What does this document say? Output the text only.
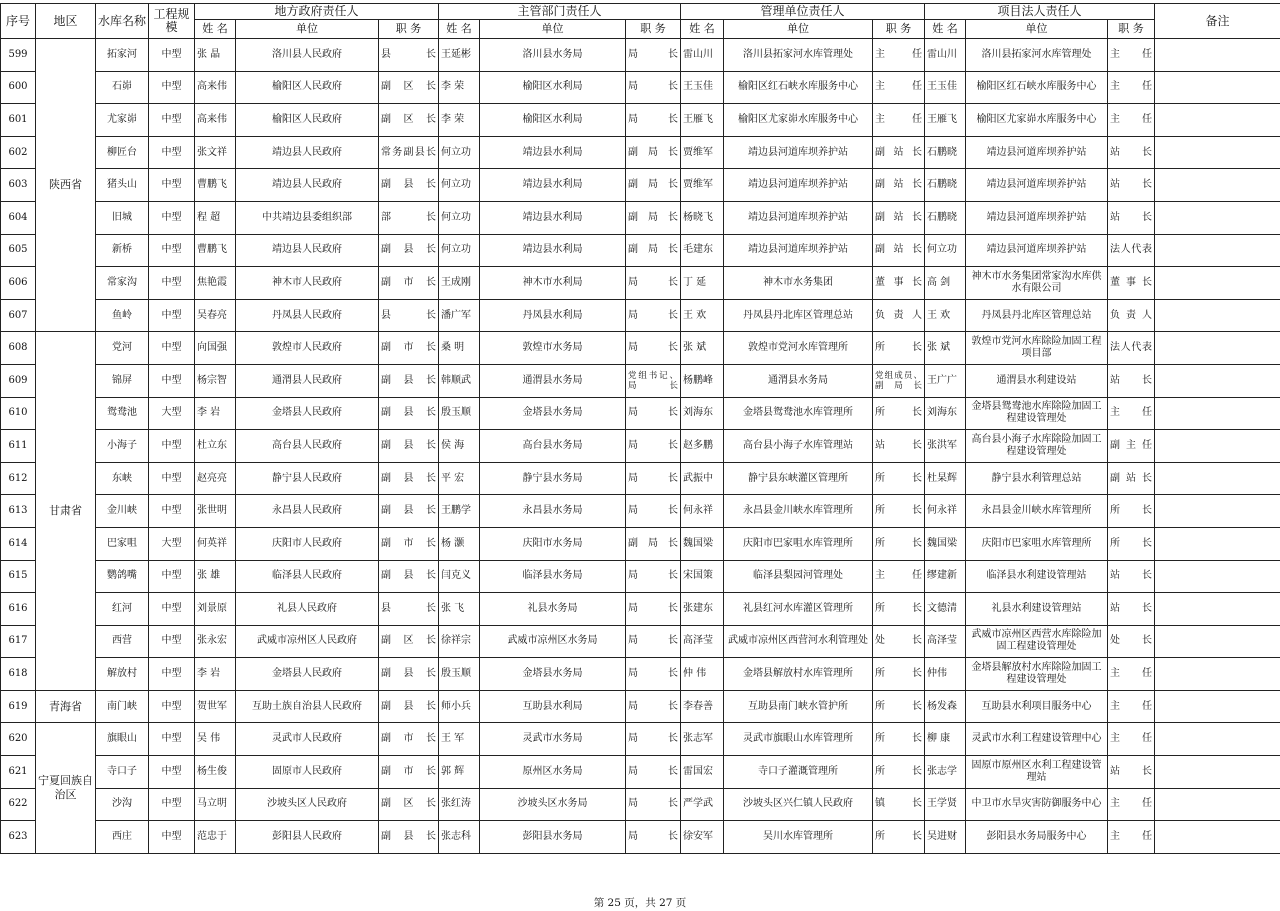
序号	地区	水库名称	工程规模	地方政府责任人			主管部门责任人			管理单位责任人			项目法人责任人			备注
				姓 名	单位	职 务	姓 名	单位	职 务	姓 名	单位	职 务	姓 名	单位	职 务	
599	陕西省	拓家河	中型	张 晶	洛川县人民政府	县 长	王延彬	洛川县水务局	局 长	雷山川	洛川县拓家河水库管理处	主 任	雷山川	洛川县拓家河水库管理处	主 任	

600		石峁	中型	高来伟	榆阳区人民政府	副区长	李 荣	榆阳区水利局	局 长	王玉佳	榆阳区红石峡水库服务中心	主 任	王玉佳	榆阳区红石峡水库服务中心	主 任	

601		尤家峁	中型	高来伟	榆阳区人民政府	副区长	李 荣	榆阳区水利局	局 长	王雁飞	榆阳区尤家峁水库服务中心	主 任	王雁飞	榆阳区尤家峁水库服务中心	主 任	

602		柳匠台	中型	张文祥	靖边县人民政府	常务副县长	何立功	靖边县水利局	副局长	贾维军	靖边县河道库坝养护站	副站长	石鹏晓	靖边县河道库坝养护站	站 长	

603		猪头山	中型	曹鹏飞	靖边县人民政府	副县长	何立功	靖边县水利局	副局长	贾维军	靖边县河道库坝养护站	副站长	石鹏晓	靖边县河道库坝养护站	站 长	

604		旧城	中型	程 超	中共靖边县委组织部	部 长	何立功	靖边县水利局	副局长	杨晓飞	靖边县河道库坝养护站	副站长	石鹏晓	靖边县河道库坝养护站	站 长	

605		新桥	中型	曹鹏飞	靖边县人民政府	副县长	何立功	靖边县水利局	副局长	毛建东	靖边县河道库坝养护站	副站长	何立功	靖边县河道库坝养护站	法人代表	

606		常家沟	中型	焦艳霞	神木市人民政府	副市长	王成刚	神木市水利局	局 长	丁 延	神木市水务集团	董事长	高 剑	神木市水务集团常家沟水库供水有限公司	董事长	

607		鱼岭	中型	吴春亮	丹凤县人民政府	县 长	潘广军	丹凤县水利局	局 长	王 欢	丹凤县丹北库区管理总站	负责人	王 欢	丹凤县丹北库区管理总站	负责人	

608	甘肃省	党河	中型	向国强	敦煌市人民政府	副市长	桑 明	敦煌市水务局	局 长	张 斌	敦煌市党河水库管理所	所 长	张 斌	敦煌市党河水库除险加固工程项目部	法人代表	

609		锦屏	中型	杨宗智	通渭县人民政府	副县长	韩顺武	通渭县水务局	党组书记、局长	杨鹏峰	通渭县水务局	党组成员、副局长	王广广	通渭县水利建设站	站 长	

610		鸳鸯池	大型	李 岩	金塔县人民政府	副县长	殷玉顺	金塔县水务局	局 长	刘海东	金塔县鸳鸯池水库管理所	所 长	刘海东	金塔县鸳鸯池水库除险加固工程建设管理处	主 任	

611		小海子	中型	杜立东	高台县人民政府	副县长	侯 海	高台县水务局	局 长	赵多鹏	高台县小海子水库管理站	站 长	张洪军	高台县小海子水库除险加固工程建设管理处	副主任	

612		东峡	中型	赵亮亮	静宁县人民政府	副县长	平 宏	静宁县水务局	局 长	武振中	静宁县东峡灌区管理所	所 长	杜杲辉	静宁县水利管理总站	副站长	

613		金川峡	中型	张世明	永昌县人民政府	副县长	王鹏学	永昌县水务局	局 长	何永祥	永昌县金川峡水库管理所	所 长	何永祥	永昌县金川峡水库管理所	所 长	

614		巴家咀	大型	何英祥	庆阳市人民政府	副市长	杨 灏	庆阳市水务局	副局长	魏国梁	庆阳市巴家咀水库管理所	所 长	魏国梁	庆阳市巴家咀水库管理所	所 长	

615		鹦鸽嘴	中型	张 雄	临泽县人民政府	副县长	闫克义	临泽县水务局	局 长	宋国策	临泽县梨园河管理处	主 任	缪建新	临泽县水利建设管理站	站 长	

616		红河	中型	刘景原	礼县人民政府	县 长	张 飞	礼县水务局	局 长	张建东	礼县红河水库灌区管理所	所 长	文德清	礼县水利建设管理站	站 长	

617		西营	中型	张永宏	武威市凉州区人民政府	副区长	徐祥宗	武威市凉州区水务局	局 长	高泽莹	武威市凉州区西营河水利管理处	处 长	高泽莹	武威市凉州区西营水库除险加固工程建设管理处	处 长	

618		解放村	中型	李 岩	金塔县人民政府	副县长	殷玉顺	金塔县水务局	局 长	仲 伟	金塔县解放村水库管理所	所 长	仲伟	金塔县解放村水库除险加固工程建设管理处	主 任	

619	青海省	南门峡	中型	贺世军	互助土族自治县人民政府	副县长	师小兵	互助县水利局	局 长	李春善	互助县南门峡水管护所	所 长	杨发森	互助县水利项目服务中心	主 任	

620	宁夏回族自治区	旗眼山	中型	吴 伟	灵武市人民政府	副市长	王 军	灵武市水务局	局 长	张志军	灵武市旗眼山水库管理所	所 长	柳 康	灵武市水利工程建设管理中心	主 任	

621		寺口子	中型	杨生俊	固原市人民政府	副市长	郭 辉	原州区水务局	局 长	雷国宏	寺口子灌溉管理所	所 长	张志学	固原市原州区水利工程建设管理站	站 长	

622		沙沟	中型	马立明	沙坡头区人民政府	副区长	张红涛	沙坡头区水务局	局 长	严学武	沙坡头区兴仁镇人民政府	镇 长	王学贤	中卫市水旱灾害防御服务中心	主 任	

623		西庄	中型	范忠于	彭阳县人民政府	副县长	张志科	彭阳县水务局	局 长	徐安军	吴川水库管理所	所 长	吴进财	彭阳县水务局服务中心	主 任	

第 25 页，共 27 页
